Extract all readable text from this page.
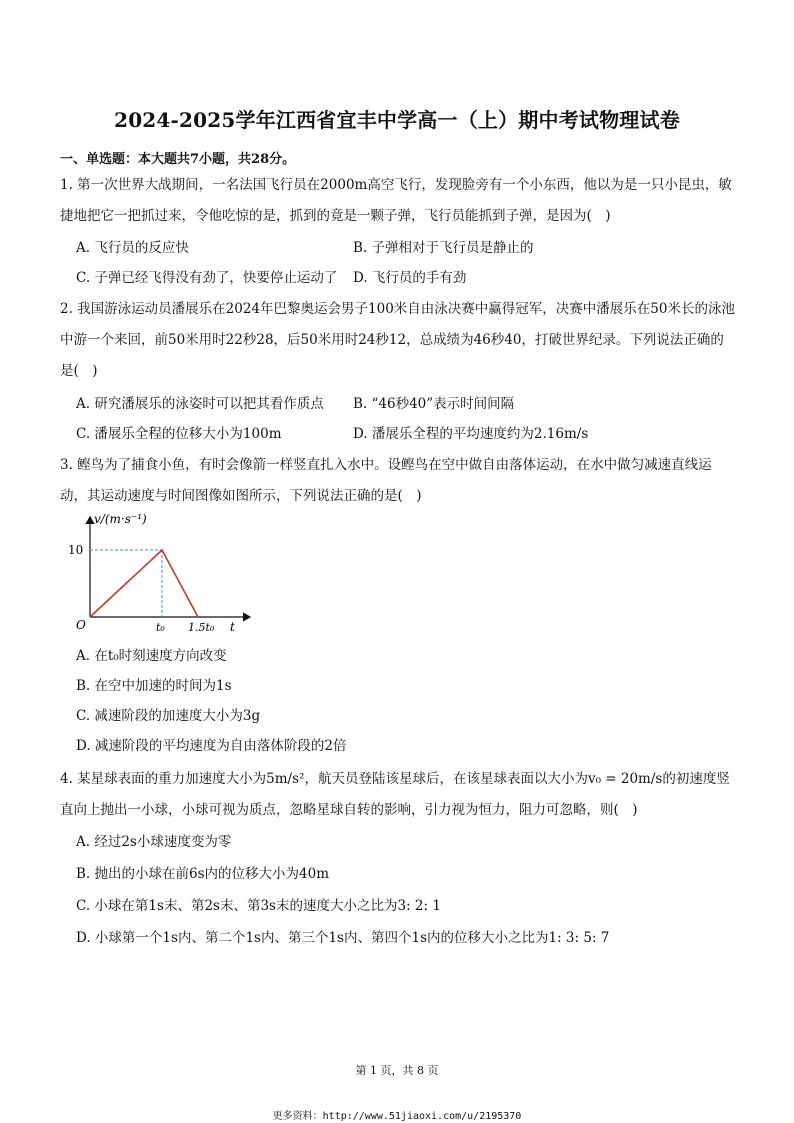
2024-2025学年江西省宜丰中学高一（上）期中考试物理试卷
一、单选题：本大题共7小题，共28分。
1. 第一次世界大战期间，一名法国飞行员在2000m高空飞行，发现脸旁有一个小东西，他以为是一只小昆虫，敏捷地把它一把抓过来，令他吃惊的是，抓到的竟是一颗子弹，飞行员能抓到子弹，是因为(　)
A. 飞行员的反应快	B. 子弹相对于飞行员是静止的
C. 子弹已经飞得没有劲了，快要停止运动了 D. 飞行员的手有劲
2. 我国游泳运动员潘展乐在2024年巴黎奥运会男子100米自由泳决赛中赢得冠军，决赛中潘展乐在50米长的泳池中游一个来回，前50米用时22秒28，后50米用时24秒12，总成绩为46秒40，打破世界纪录。下列说法正确的是(　)
A. 研究潘展乐的泳姿时可以把其看作质点 B. “46秒40”表示时间间隔
C. 潘展乐全程的位移大小为100m	D. 潘展乐全程的平均速度约为2.16m/s
3. 鲣鸟为了捕食小鱼，有时会像箭一样竖直扎入水中。设鲣鸟在空中做自由落体运动，在水中做匀减速直线运动，其运动速度与时间图像如图所示，下列说法正确的是(　)
v/(m·s⁻¹)
10
O	t₀ 1.5t₀ t
A. 在t₀时刻速度方向改变
B. 在空中加速的时间为1s
C. 减速阶段的加速度大小为3g
D. 减速阶段的平均速度为自由落体阶段的2倍
4. 某星球表面的重力加速度大小为5m/s²，航天员登陆该星球后，在该星球表面以大小为v₀ = 20m/s的初速度竖直向上抛出一小球，小球可视为质点，忽略星球自转的影响，引力视为恒力，阻力可忽略，则(　)
A. 经过2s小球速度变为零
B. 抛出的小球在前6s内的位移大小为40m
C. 小球在第1s末、第2s末、第3s末的速度大小之比为3: 2: 1
D. 小球第一个1s内、第二个1s内、第三个1s内、第四个1s内的位移大小之比为1: 3: 5: 7
第 1 页，共 8 页
更多资料：http://www.51jiaoxi.com/u/2195370
